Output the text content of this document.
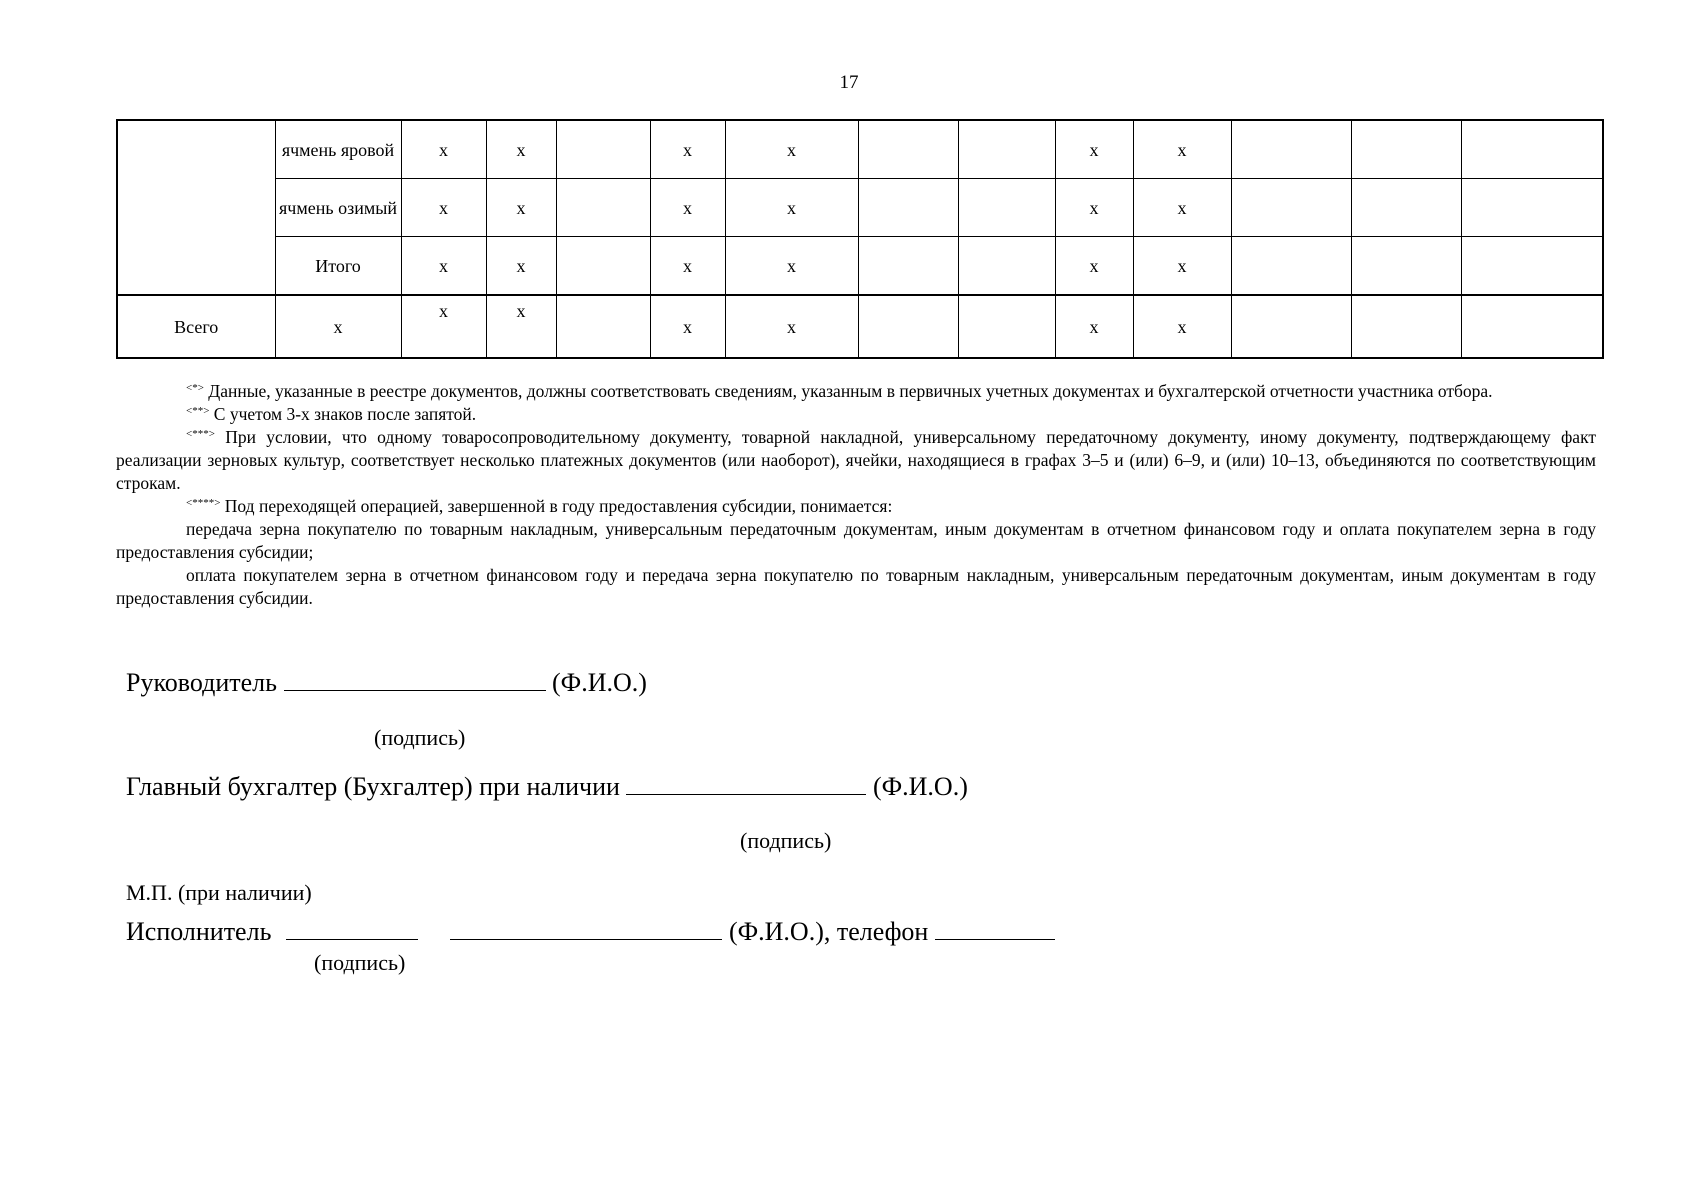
17
	ячмень яровой	х	х		х	х			х	х			
	ячмень озимый	х	х		х	х			х	х			
	Итого	х	х		х	х			х	х			
Всего	х	х	х		х	х			х	х			

<*> Данные, указанные в реестре документов, должны соответствовать сведениям, указанным в первичных учетных документах и бухгалтерской отчетности участника отбора.

<**> С учетом 3-х знаков после запятой.

<***> При условии, что одному товаросопроводительному документу, товарной накладной, универсальному передаточному документу, иному документу, подтверждающему факт реализации зерновых культур, соответствует несколько платежных документов (или наоборот), ячейки, находящиеся в графах 3–5 и (или) 6–9, и (или) 10–13, объединяются по соответствующим строкам.

<****> Под переходящей операцией, завершенной в году предоставления субсидии, понимается:

передача зерна покупателю по товарным накладным, универсальным передаточным документам, иным документам в отчетном финансовом году и оплата покупателем зерна в году предоставления субсидии;

оплата покупателем зерна в отчетном финансовом году и передача зерна покупателю по товарным накладным, универсальным передаточным документам, иным документам в году предоставления субсидии.

Руководитель	(Ф.И.О.)
(подпись)
Главный бухгалтер (Бухгалтер) при наличии	(Ф.И.О.)
(подпись)
М.П. (при наличии)
Исполнитель	(Ф.И.О.), телефон
(подпись)
